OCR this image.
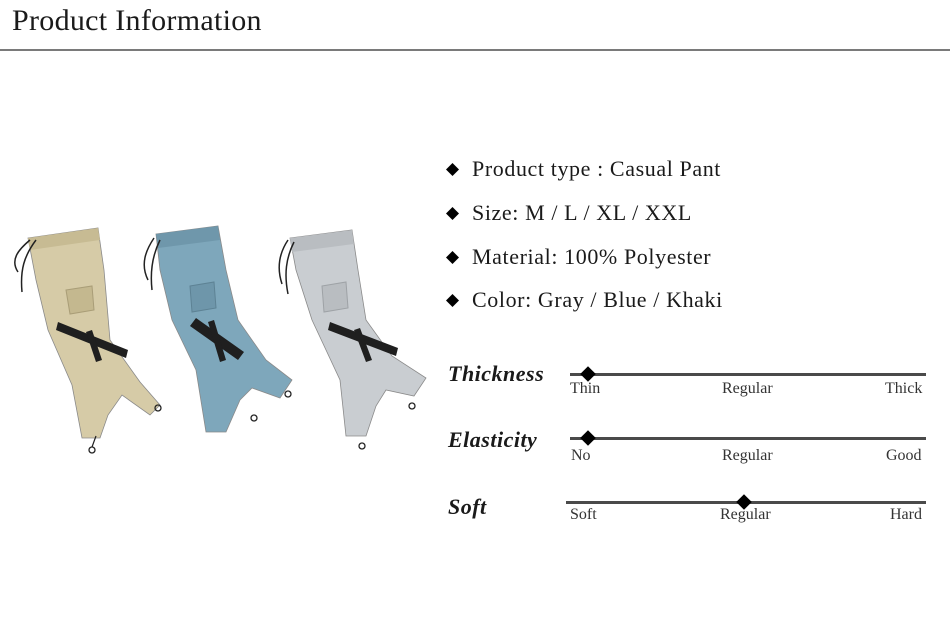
Product Information
Product type : Casual Pant
Size: M / L / XL / XXL
Material: 100% Polyester
Color: Gray / Blue / Khaki
Thickness
Thin	Regular	Thick
Elasticity
No	Regular	Good
Soft	Soft	Regular	Hard
